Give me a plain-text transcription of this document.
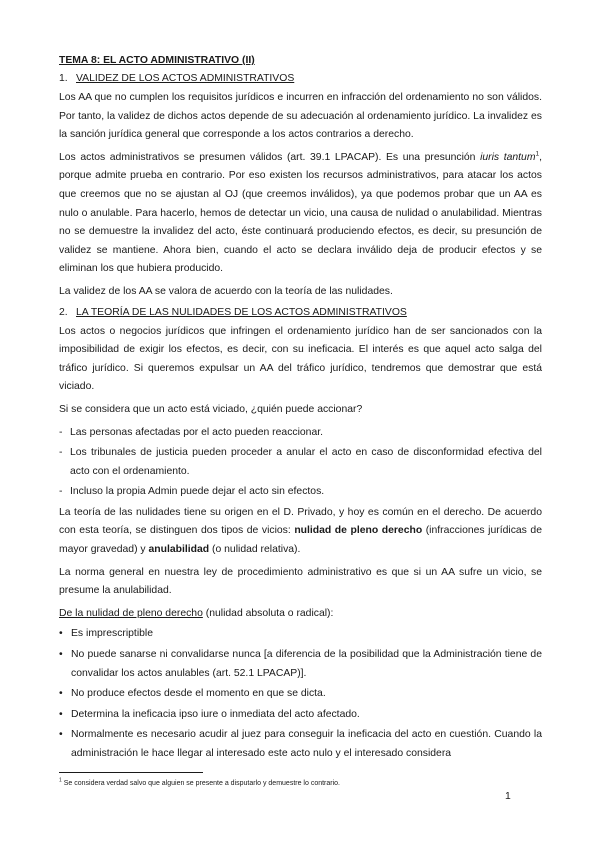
TEMA 8: EL ACTO ADMINISTRATIVO (II)
1. VALIDEZ DE LOS ACTOS ADMINISTRATIVOS

Los AA que no cumplen los requisitos jurídicos e incurren en infracción del ordenamiento no son válidos. Por tanto, la validez de dichos actos depende de su adecuación al ordenamiento jurídico. La invalidez es la sanción jurídica general que corresponde a los actos contrarios a derecho.

Los actos administrativos se presumen válidos (art. 39.1 LPACAP). Es una presunción iuris tantum$^1$, porque admite prueba en contrario. Por eso existen los recursos administrativos, para atacar los actos que creemos que no se ajustan al OJ (que creemos inválidos), ya que podemos probar que un AA es nulo o anulable. Para hacerlo, hemos de detectar un vicio, una causa de nulidad o anulabilidad. Mientras no se demuestre la invalidez del acto, éste continuará produciendo efectos, es decir, su presunción de validez se mantiene. Ahora bien, cuando el acto se declara inválido deja de producir efectos y se eliminan los que hubiera producido.

La validez de los AA se valora de acuerdo con la teoría de las nulidades.

2. LA TEORÍA DE LAS NULIDADES DE LOS ACTOS ADMINISTRATIVOS

Los actos o negocios jurídicos que infringen el ordenamiento jurídico han de ser sancionados con la imposibilidad de exigir los efectos, es decir, con su ineficacia. El interés es que aquel acto salga del tráfico jurídico. Si queremos expulsar un AA del tráfico jurídico, tendremos que demostrar que está viciado.

Si se considera que un acto está viciado, ¿quién puede accionar?

- Las personas afectadas por el acto pueden reaccionar.
- Los tribunales de justicia pueden proceder a anular el acto en caso de disconformidad efectiva del acto con el ordenamiento.
- Incluso la propia Admin puede dejar el acto sin efectos.

La teoría de las nulidades tiene su origen en el D. Privado, y hoy es común en el derecho. De acuerdo con esta teoría, se distinguen dos tipos de vicios: nulidad de pleno derecho (infracciones jurídicas de mayor gravedad) y anulabilidad (o nulidad relativa).

La norma general en nuestra ley de procedimiento administrativo es que si un AA sufre un vicio, se presume la anulabilidad.

De la nulidad de pleno derecho (nulidad absoluta o radical):
• Es imprescriptible
• No puede sanarse ni convalidarse nunca [a diferencia de la posibilidad que la Administración tiene de convalidar los actos anulables (art. 52.1 LPACAP)].
• No produce efectos desde el momento en que se dicta.
• Determina la ineficacia ipso iure o inmediata del acto afectado.
• Normalmente es necesario acudir al juez para conseguir la ineficacia del acto en cuestión. Cuando la administración le hace llegar al interesado este acto nulo y el interesado considera
$^1$ Se considera verdad salvo que alguien se presente a disputarlo y demuestre lo contrario.
1
